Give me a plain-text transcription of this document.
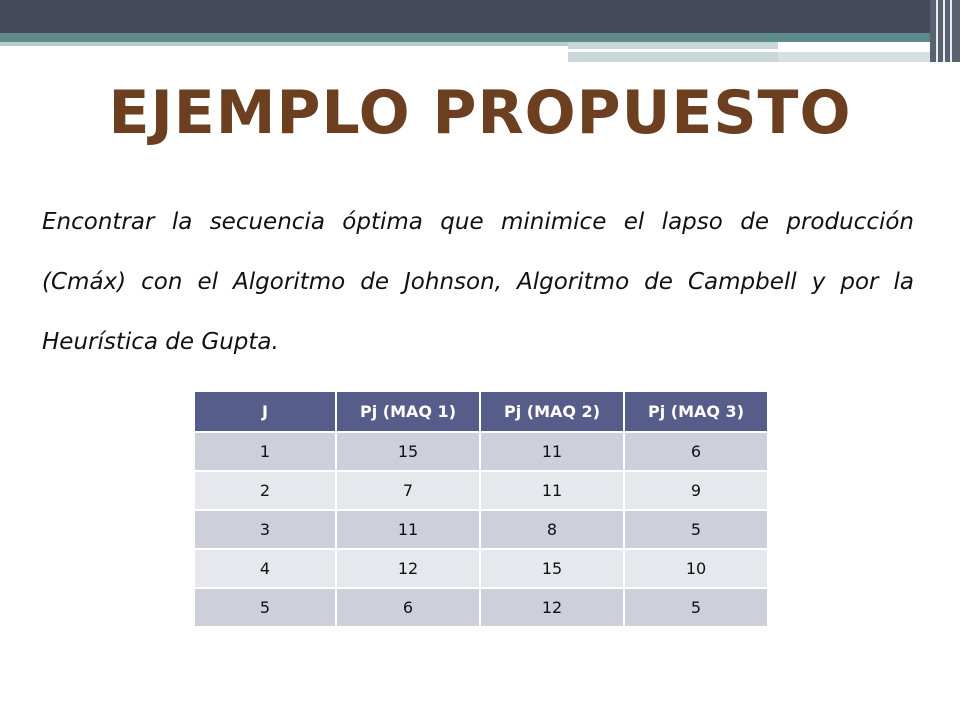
EJEMPLO PROPUESTO

Encontrar la secuencia óptima que minimice el lapso de producción (Cmáx) con el Algoritmo de Johnson, Algoritmo de Campbell y por la Heurística de Gupta.

J	Pj (MAQ 1)	Pj (MAQ 2)	Pj (MAQ 3)
1	15	11	6
2	7	11	9
3	11	8	5
4	12	15	10
5	6	12	5
